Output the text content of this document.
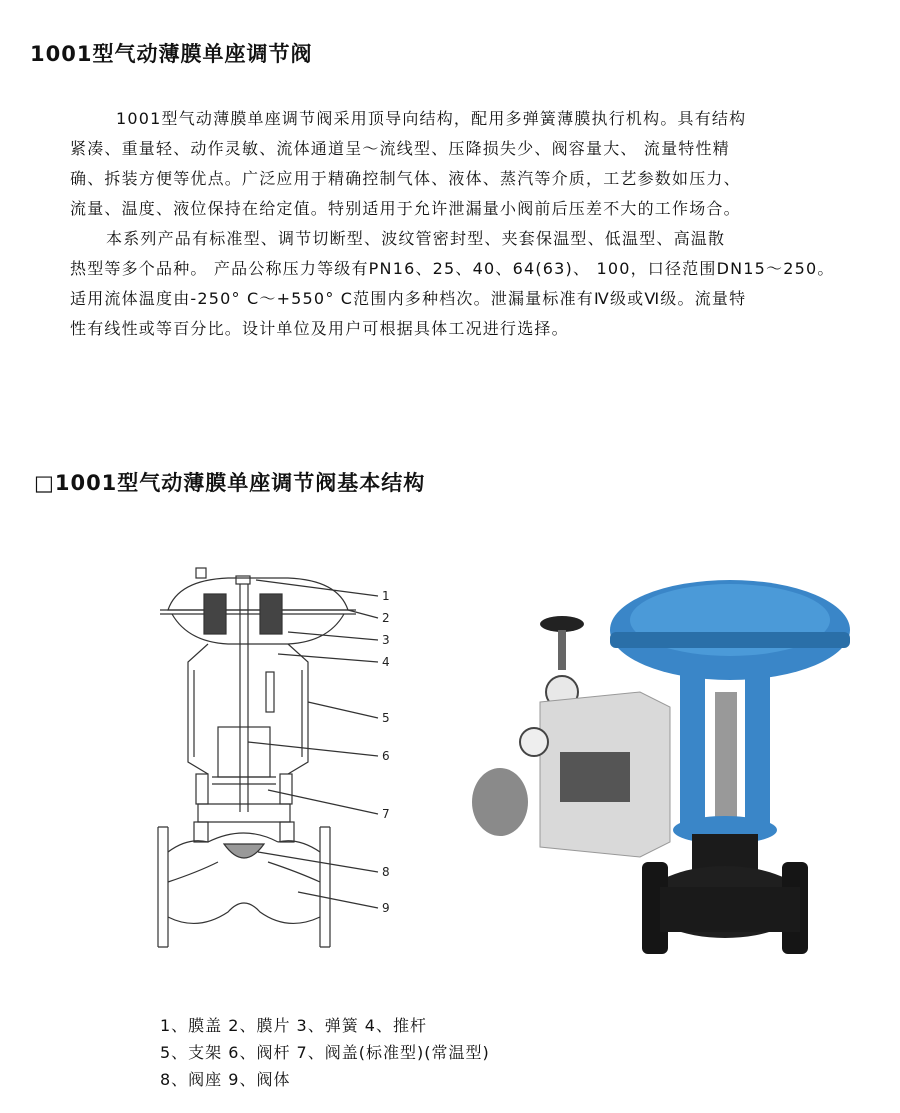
1001型气动薄膜单座调节阀

1001型气动薄膜单座调节阀采用顶导向结构，配用多弹簧薄膜执行机构。具有结构
紧凑、重量轻、动作灵敏、流体通道呈～流线型、压降损失少、阀容量大、 流量特性精
确、拆装方便等优点。广泛应用于精确控制气体、液体、蒸汽等介质，工艺参数如压力、
流量、温度、液位保持在给定值。特别适用于允许泄漏量小阀前后压差不大的工作场合。

本系列产品有标准型、调节切断型、波纹管密封型、夹套保温型、低温型、高温散
热型等多个品种。 产品公称压力等级有PN16、25、40、64(63)、 100，口径范围DN15～250。
适用流体温度由-250° C～+550° C范围内多种档次。泄漏量标准有Ⅳ级或Ⅵ级。流量特
性有线性或等百分比。设计单位及用户可根据具体工况进行选择。

□1001型气动薄膜单座调节阀基本结构
1
2
3
4
5
6
7
8
9
1、膜盖 2、膜片 3、弹簧 4、推杆
5、支架 6、阀杆 7、阀盖(标准型)(常温型)
8、阀座 9、阀体
